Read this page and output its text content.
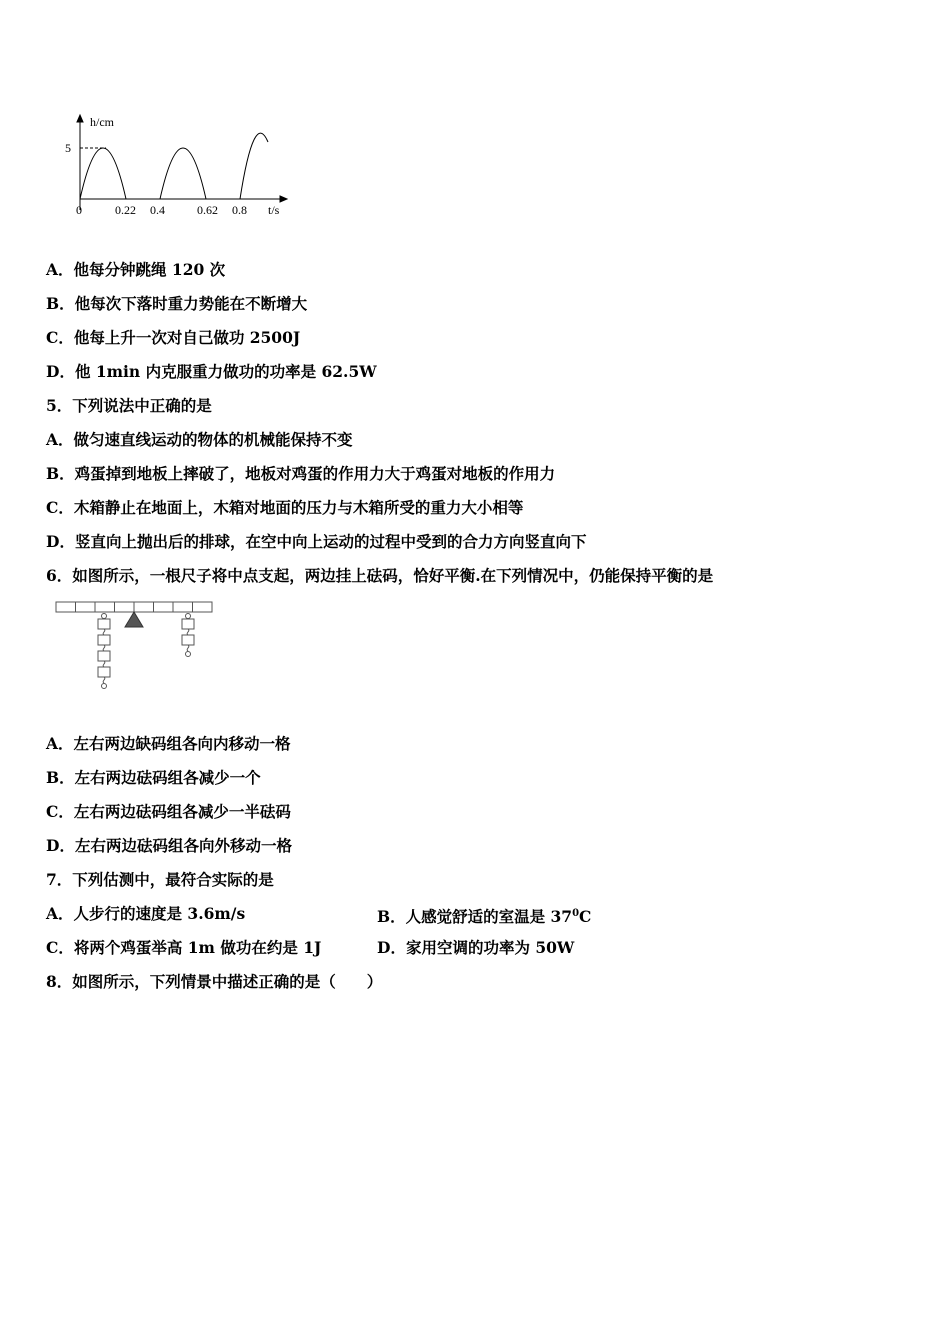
h/cm
5
0	0.22 0.4	0.62 0.8 t/s
A．他每分钟跳绳 120 次
B．他每次下落时重力势能在不断增大
C．他每上升一次对自己做功 2500J
D．他 1min 内克服重力做功的功率是 62.5W
5．下列说法中正确的是
A．做匀速直线运动的物体的机械能保持不变
B．鸡蛋掉到地板上摔破了，地板对鸡蛋的作用力大于鸡蛋对地板的作用力
C．木箱静止在地面上，木箱对地面的压力与木箱所受的重力大小相等
D．竖直向上抛出后的排球，在空中向上运动的过程中受到的合力方向竖直向下
6．如图所示，一根尺子将中点支起，两边挂上砝码，恰好平衡.在下列情况中，仍能保持平衡的是
A．左右两边缺码组各向内移动一格
B．左右两边砝码组各减少一个
C．左右两边砝码组各减少一半砝码
D．左右两边砝码组各向外移动一格
7．下列估测中，最符合实际的是
A．人步行的速度是 3.6m/s	B．人感觉舒适的室温是 $37^0C$
C．将两个鸡蛋举高 1m 做功在约是 1J	D．家用空调的功率为 50W
8．如图所示，下列情景中描述正确的是（　　）
